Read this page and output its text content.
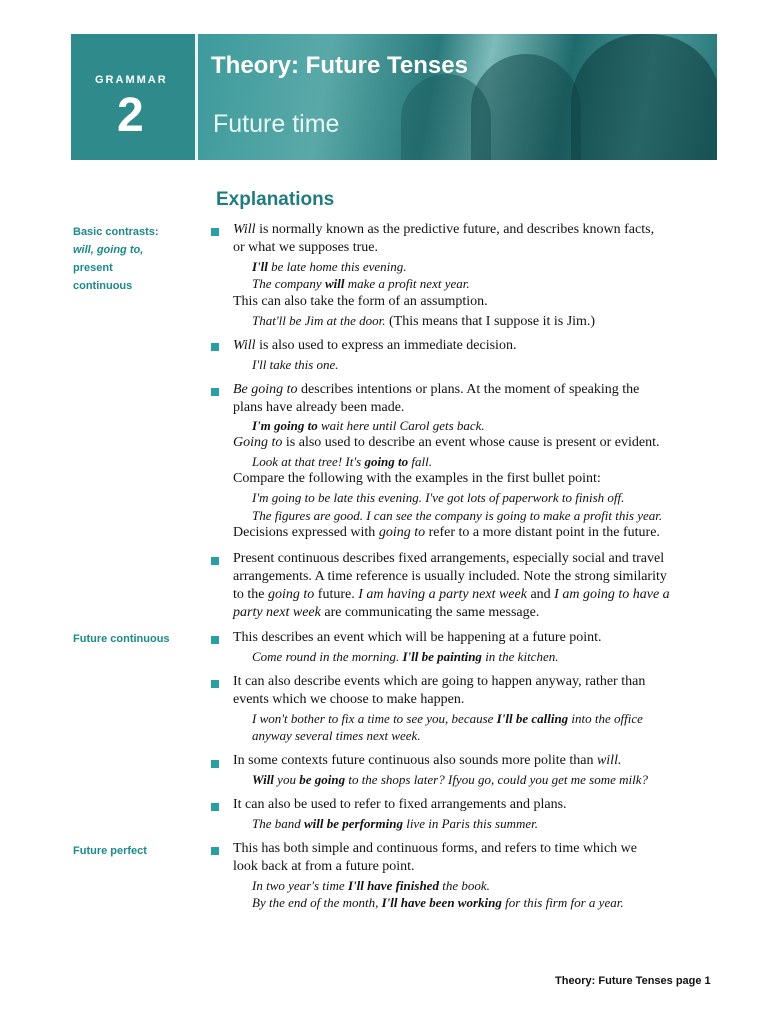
GRAMMAR
2
Theory: Future Tenses
Future time
Explanations
Basic contrasts:
will, going to,
present
continuous
Future continuous
Future perfect
Will is normally known as the predictive future, and describes known facts,
or what we supposes true.
I'll be late home this evening.
The company will make a profit next year.
This can also take the form of an assumption.
That'll be Jim at the door. (This means that I suppose it is Jim.)
Will is also used to express an immediate decision.
I'll take this one.
Be going to describes intentions or plans. At the moment of speaking the
plans have already been made.
I'm going to wait here until Carol gets back.
Going to is also used to describe an event whose cause is present or evident.
Look at that tree! It's going to fall.
Compare the following with the examples in the first bullet point:
I'm going to be late this evening. I've got lots of paperwork to finish off.
The figures are good. I can see the company is going to make a profit this year.
Decisions expressed with going to refer to a more distant point in the future.
Present continuous describes fixed arrangements, especially social and travel
arrangements. A time reference is usually included. Note the strong similarity
to the going to future. I am having a party next week and I am going to have a
party next week are communicating the same message.
This describes an event which will be happening at a future point.
Come round in the morning. I'll be painting in the kitchen.
It can also describe events which are going to happen anyway, rather than
events which we choose to make happen.
I won't bother to fix a time to see you, because I'll be calling into the office
anyway several times next week.
In some contexts future continuous also sounds more polite than will.
Will you be going to the shops later? Ifyou go, could you get me some milk?
It can also be used to refer to fixed arrangements and plans.
The band will be performing live in Paris this summer.
This has both simple and continuous forms, and refers to time which we
look back at from a future point.
In two year's time I'll have finished the book.
By the end of the month, I'll have been working for this firm for a year.
Theory: Future Tenses page 1
